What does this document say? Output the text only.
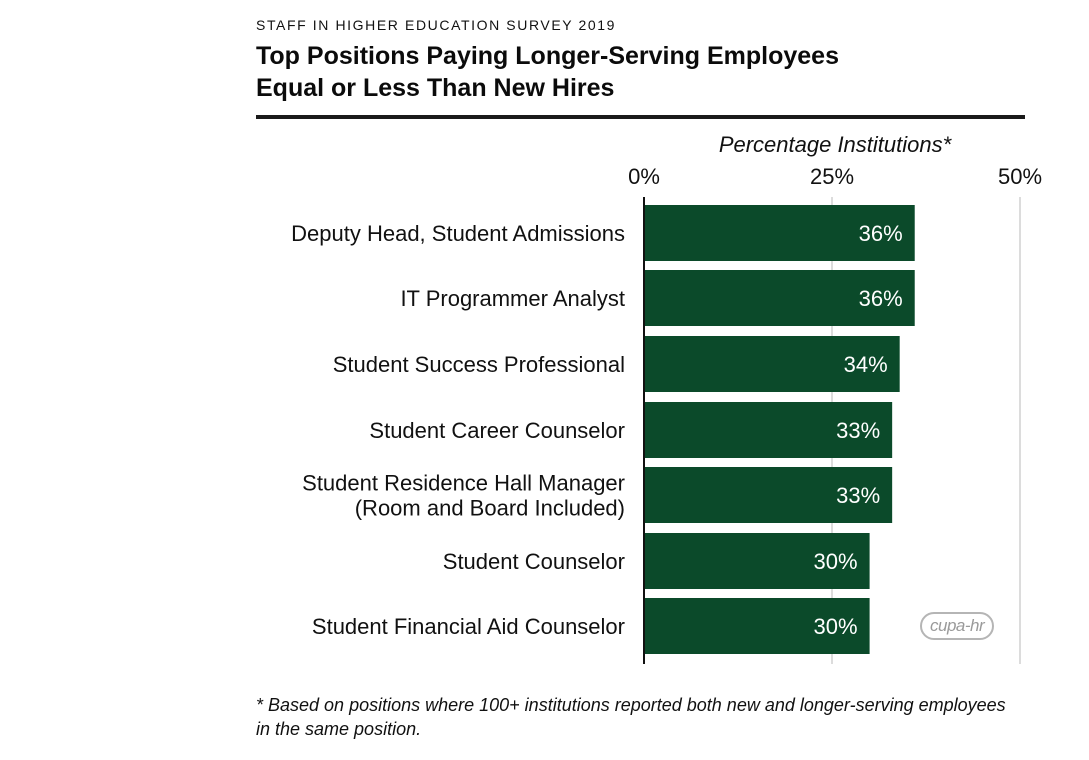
STAFF IN HIGHER EDUCATION SURVEY 2019
Top Positions Paying Longer-Serving Employees
Equal or Less Than New Hires
Percentage Institutions*
0%	25%	50%
36%
Deputy Head, Student Admissions
36%
IT Programmer Analyst
34%
Student Success Professional
33%
Student Career Counselor
33%
Student Residence Hall Manager
(Room and Board Included)
30%
Student Counselor
30%
Student Financial Aid Counselor	cupa-hr
* Based on positions where 100+ institutions reported both new and longer-serving employees in the same position.
